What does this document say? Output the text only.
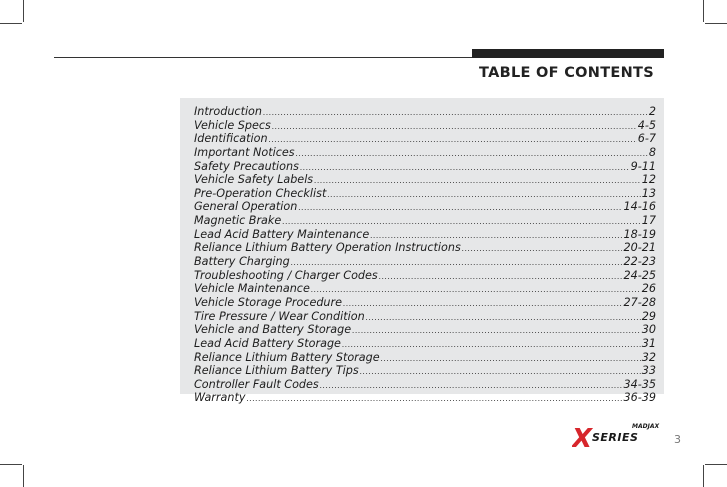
TABLE OF CONTENTS
Introduction .....	2
Vehicle Specs .....	4-5
Identification .....	6-7
Important Notices .....	8
Safety Precautions .....	9-11
Vehicle Safety Labels .....	12
Pre-Operation Checklist .....	13
General Operation .....	14-16
Magnetic Brake .....	17
Lead Acid Battery Maintenance .....	18-19
Reliance Lithium Battery Operation Instructions .....	20-21
Battery Charging .....	22-23
Troubleshooting / Charger Codes .....	24-25
Vehicle Maintenance .....	26
Vehicle Storage Procedure .....	27-28
Tire Pressure / Wear Condition .....	29
Vehicle and Battery Storage .....	30
Lead Acid Battery Storage .....	31
Reliance Lithium Battery Storage .....	32
Reliance Lithium Battery Tips .....	33
Controller Fault Codes .....	34-35
Warranty .....	36-39
MADJAX
X SERIES	3
